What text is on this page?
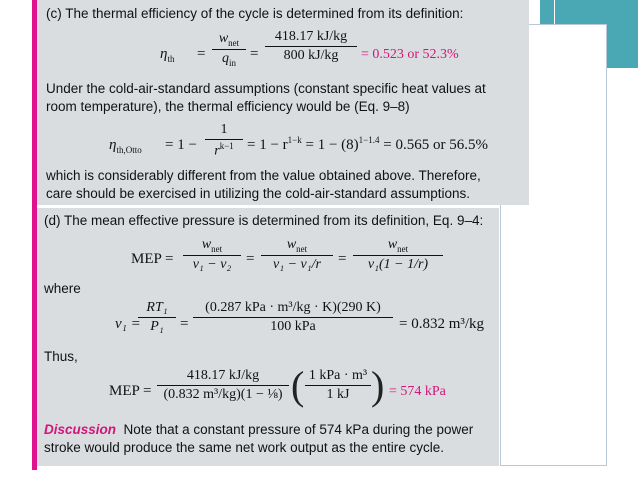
(c) The thermal efficiency of the cycle is determined from its definition:
$\eta_{th}$ =
$w_{net}$
$q_{in}$
=
418.17 kJ/kg
800 kJ/kg	= 0.523 or 52.3%
Under the cold-air-standard assumptions (constant specific heat values at
room temperature), the thermal efficiency would be (Eq. 9–8)
$\eta_{th,Otto} = 1$ −
1
$r^{k-1} = 1 - r^{1-k} = 1 - (8)^{1-1.4} = 0.565$ or 56.5%
which is considerably different from the value obtained above. Therefore,
care should be exercised in utilizing the cold-air-standard assumptions.
(d) The mean effective pressure is determined from its definition, Eq. 9–4:
MEP =
$w_{net}$
v₁ − v₂ =
$w_{net}$
v₁ − v₁/r	=
$w_{net}$
v₁(1 − 1/r)
where
v₁ =
RT₁
P₁	=
(0.287 kPa · m³/kg · K)(290 K)
100 kPa	= 0.832 m³/kg
Thus,
MEP =
418.17 kJ/kg
(0.832 m³/kg)(1 − ⅛) ( 1 kPa · m³
1 kJ ) = 574 kPa
Discussion Note that a constant pressure of 574 kPa during the power
stroke would produce the same net work output as the entire cycle.
